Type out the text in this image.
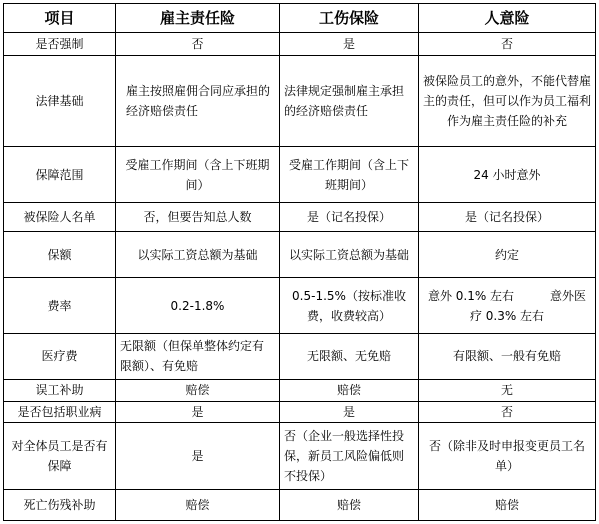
项目	雇主责任险	工伤保险	人意险
是否强制	否	是	否
法律基础	雇主按照雇佣合同应承担的经济赔偿责任	法律规定强制雇主承担的经济赔偿责任	被保险员工的意外，不能代替雇主的责任，但可以作为员工福利作为雇主责任险的补充
保障范围	受雇工作期间（含上下班期间）	受雇工作期间（含上下班期间）	24 小时意外
被保险人名单	否，但要告知总人数	是（记名投保）	是（记名投保）
保额	以实际工资总额为基础	以实际工资总额为基础	约定
费率	0.2-1.8%	0.5-1.5%（按标准收费，收费较高）	意外 0.1% 左右　　　意外医疗 0.3% 左右
医疗费	无限额（但保单整体约定有限额）、有免赔	无限额、无免赔	有限额、一般有免赔
误工补助	赔偿	赔偿	无
是否包括职业病	是	是	否
对全体员工是否有保障	是	否（企业一般选择性投保，新员工风险偏低则不投保）	否（除非及时申报变更员工名单）
死亡伤残补助	赔偿	赔偿	赔偿
